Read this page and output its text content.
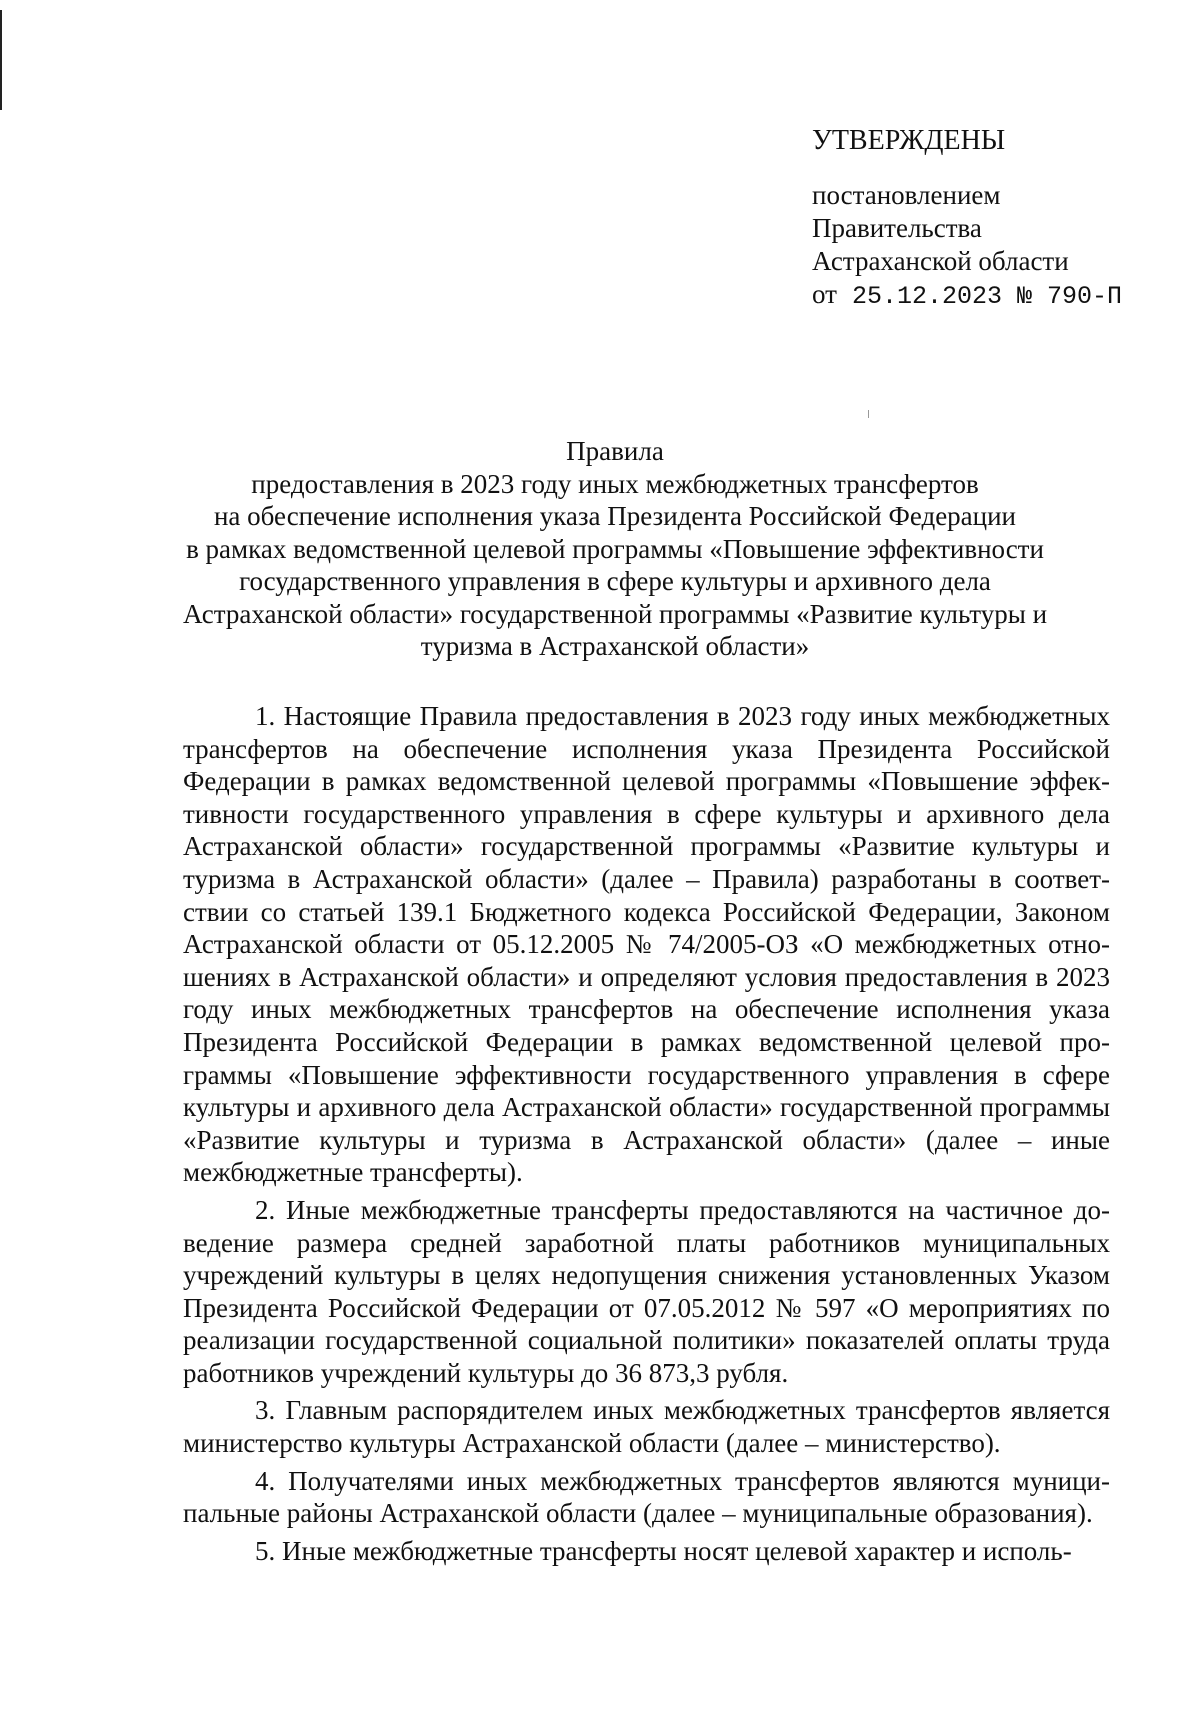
УТВЕРЖДЕНЫ
постановлением
Правительства
Астраханской области
от 25.12.2023 № 790-П
Правила
предоставления в 2023 году иных межбюджетных трансфертов
на обеспечение исполнения указа Президента Российской Федерации
в рамках ведомственной целевой программы «Повышение эффективности
государственного управления в сфере культуры и архивного дела
Астраханской области» государственной программы «Развитие культуры и
туризма в Астраханской области»

1. Настоящие Правила предоставления в 2023 году иных межбюджетных трансфертов на обеспечение исполнения указа Президента Российской Федерации в рамках ведомственной целевой программы «Повышение эффективности государственного управления в сфере культуры и архивного дела Астраханской области» государственной программы «Развитие культуры и туризма в Астраханской области» (далее – Правила) разработаны в соответствии со статьей 139.1 Бюджетного кодекса Российской Федерации, Законом Астраханской области от 05.12.2005 № 74/2005-ОЗ «О межбюджетных отношениях в Астраханской области» и определяют условия предоставления в 2023 году иных межбюджетных трансфертов на обеспечение исполнения указа Президента Российской Федерации в рамках ведомственной целевой программы «Повышение эффективности государственного управления в сфере культуры и архивного дела Астраханской области» государственной программы «Развитие культуры и туризма в Астраханской области» (далее – иные межбюджетные трансферты).

2. Иные межбюджетные трансферты предоставляются на частичное доведение размера средней заработной платы работников муниципальных учреждений культуры в целях недопущения снижения установленных Указом Президента Российской Федерации от 07.05.2012 № 597 «О мероприятиях по реализации государственной социальной политики» показателей оплаты труда работников учреждений культуры до 36 873,3 рубля.

3. Главным распорядителем иных межбюджетных трансфертов является министерство культуры Астраханской области (далее – министерство).

4. Получателями иных межбюджетных трансфертов являются муниципальные районы Астраханской области (далее – муниципальные образования).

5. Иные межбюджетные трансферты носят целевой характер и исполь-
